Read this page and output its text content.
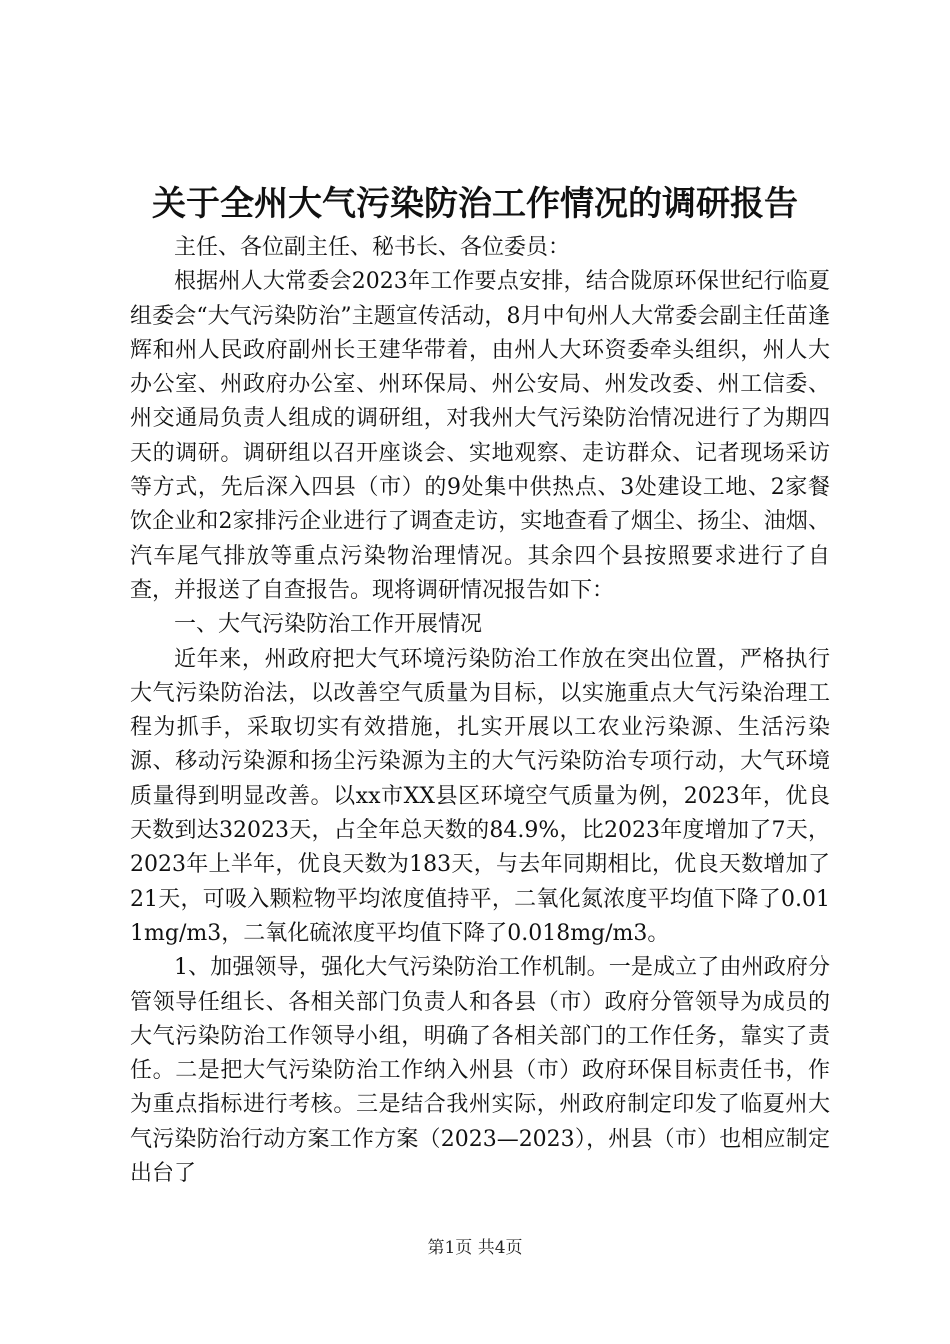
关于全州大气污染防治工作情况的调研报告

主任、各位副主任、秘书长、各位委员：

根据州人大常委会2023年工作要点安排，结合陇原环保世纪行临夏组委会“大气污染防治”主题宣传活动，8月中旬州人大常委会副主任苗逢辉和州人民政府副州长王建华带着，由州人大环资委牵头组织，州人大办公室、州政府办公室、州环保局、州公安局、州发改委、州工信委、州交通局负责人组成的调研组，对我州大气污染防治情况进行了为期四天的调研。调研组以召开座谈会、实地观察、走访群众、记者现场采访等方式，先后深入四县（市）的9处集中供热点、3处建设工地、2家餐饮企业和2家排污企业进行了调查走访，实地查看了烟尘、扬尘、油烟、汽车尾气排放等重点污染物治理情况。其余四个县按照要求进行了自查，并报送了自查报告。现将调研情况报告如下：

一、大气污染防治工作开展情况

近年来，州政府把大气环境污染防治工作放在突出位置，严格执行大气污染防治法，以改善空气质量为目标，以实施重点大气污染治理工程为抓手，采取切实有效措施，扎实开展以工农业污染源、生活污染源、移动污染源和扬尘污染源为主的大气污染防治专项行动，大气环境质量得到明显改善。以xx市XX县区环境空气质量为例，2023年，优良天数到达32023天，占全年总天数的84.9%，比2023年度增加了7天，2023年上半年，优良天数为183天，与去年同期相比，优良天数增加了21天，可吸入颗粒物平均浓度值持平，二氧化氮浓度平均值下降了0.011mg/m3，二氧化硫浓度平均值下降了0.018mg/m3。

1、加强领导，强化大气污染防治工作机制。一是成立了由州政府分管领导任组长、各相关部门负责人和各县（市）政府分管领导为成员的大气污染防治工作领导小组，明确了各相关部门的工作任务，靠实了责任。二是把大气污染防治工作纳入州县（市）政府环保目标责任书，作为重点指标进行考核。三是结合我州实际，州政府制定印发了临夏州大气污染防治行动方案工作方案（2023—2023），州县（市）也相应制定出台了

第1页 共4页
